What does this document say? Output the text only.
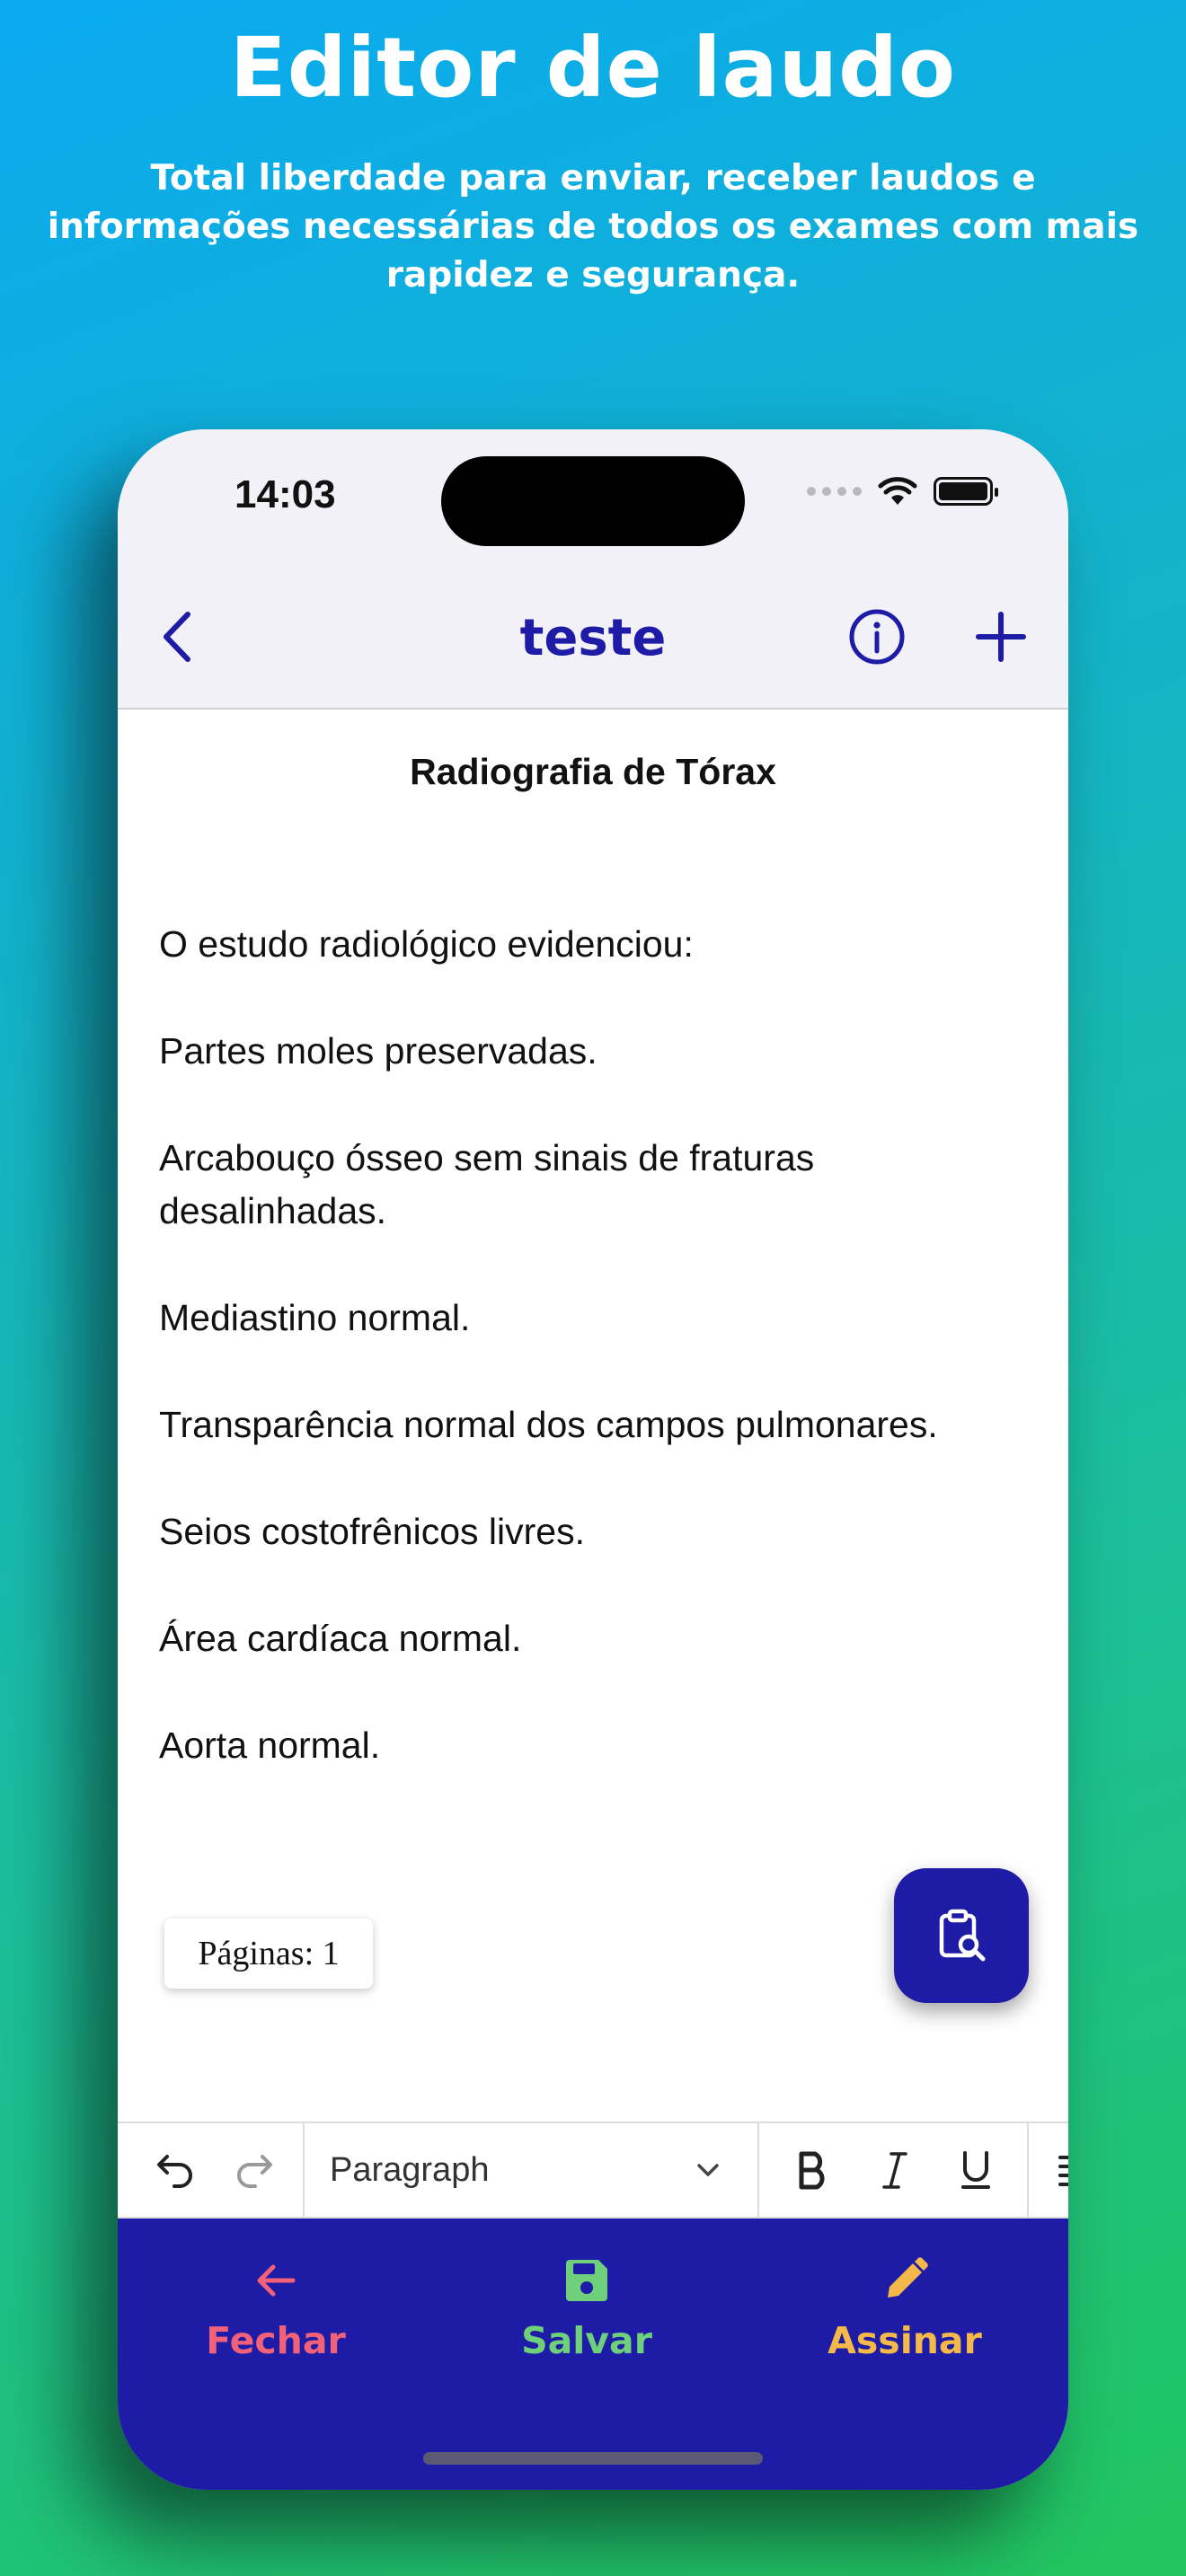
Editor de laudo
Total liberdade para enviar, receber laudos e informações necessárias de todos os exames com mais rapidez e segurança.
14:03
teste
Radiografia de Tórax

O estudo radiológico evidenciou:

Partes moles preservadas.

Arcabouço ósseo sem sinais de fraturas desalinhadas.

Mediastino normal.

Transparência normal dos campos pulmonares.

Seios costofrênicos livres.

Área cardíaca normal.

Aorta normal.

Páginas: 1
Paragraph
Fechar	Salvar	Assinar
